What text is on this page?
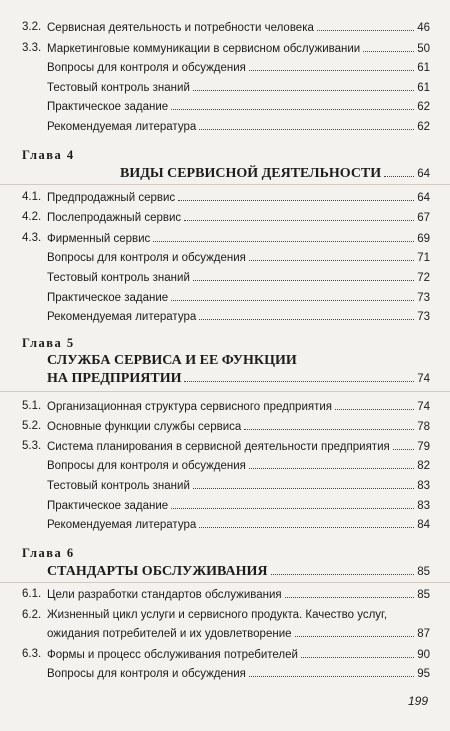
3.2. Сервисная деятельность и потребности человека	46
3.3. Маркетинговые коммуникации в сервисном обслуживании	50
Вопросы для контроля и обсуждения	61
Тестовый контроль знаний	61
Практическое задание	62
Рекомендуемая литература	62
Глава 4
ВИДЫ СЕРВИСНОЙ ДЕЯТЕЛЬНОСТИ	64
4.1. Предпродажный сервис	64
4.2. Послепродажный сервис	67
4.3. Фирменный сервис	69
Вопросы для контроля и обсуждения	71
Тестовый контроль знаний	72
Практическое задание	73
Рекомендуемая литература	73
Глава 5
СЛУЖБА СЕРВИСА И ЕЕ ФУНКЦИИ
НА ПРЕДПРИЯТИИ	74
5.1. Организационная структура сервисного предприятия	74
5.2. Основные функции службы сервиса	78
5.3. Система планирования в сервисной деятельности предприятия 79
Вопросы для контроля и обсуждения	82
Тестовый контроль знаний	83
Практическое задание	83
Рекомендуемая литература	84
Глава 6
СТАНДАРТЫ ОБСЛУЖИВАНИЯ	85
6.1. Цели разработки стандартов обслуживания	85
6.2. Жизненный цикл услуги и сервисного продукта. Качество услуг,
ожидания потребителей и их удовлетворение	87
6.3. Формы и процесс обслуживания потребителей	90
Вопросы для контроля и обсуждения	95
199
